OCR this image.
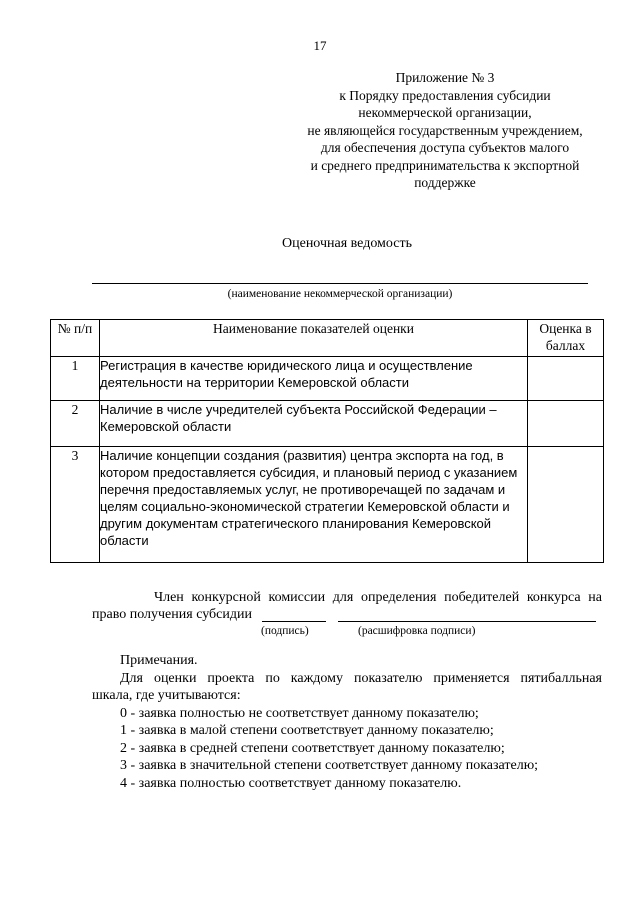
17
Приложение № 3
к Порядку предоставления субсидии
некоммерческой организации,
не являющейся государственным учреждением,
для обеспечения доступа субъектов малого
и среднего предпринимательства к экспортной
поддержке
Оценочная ведомость
(наименование некоммерческой организации)
№ п/п	Наименование показателей оценки	Оценка в баллах
1	Регистрация в качестве юридического лица и осуществление деятельности на территории Кемеровской области	
2	Наличие в числе учредителей субъекта Российской Федерации – Кемеровской области	
3	Наличие концепции создания (развития) центра экспорта на год, в котором предоставляется субсидия, и плановый период с указанием перечня предоставляемых услуг, не противоречащей по задачам и целям социально-экономической стратегии Кемеровской области и другим документам стратегического планирования Кемеровской области	
Член конкурсной комиссии для определения победителей конкурса на
право получения субсидии
(подпись)	(расшифровка подписи)
Примечания.
Для оценки проекта по каждому показателю применяется пятибалльная
шкала, где учитываются:
0 - заявка полностью не соответствует данному показателю;
1 - заявка в малой степени соответствует данному показателю;
2 - заявка в средней степени соответствует данному показателю;
3 - заявка в значительной степени соответствует данному показателю;
4 - заявка полностью соответствует данному показателю.
